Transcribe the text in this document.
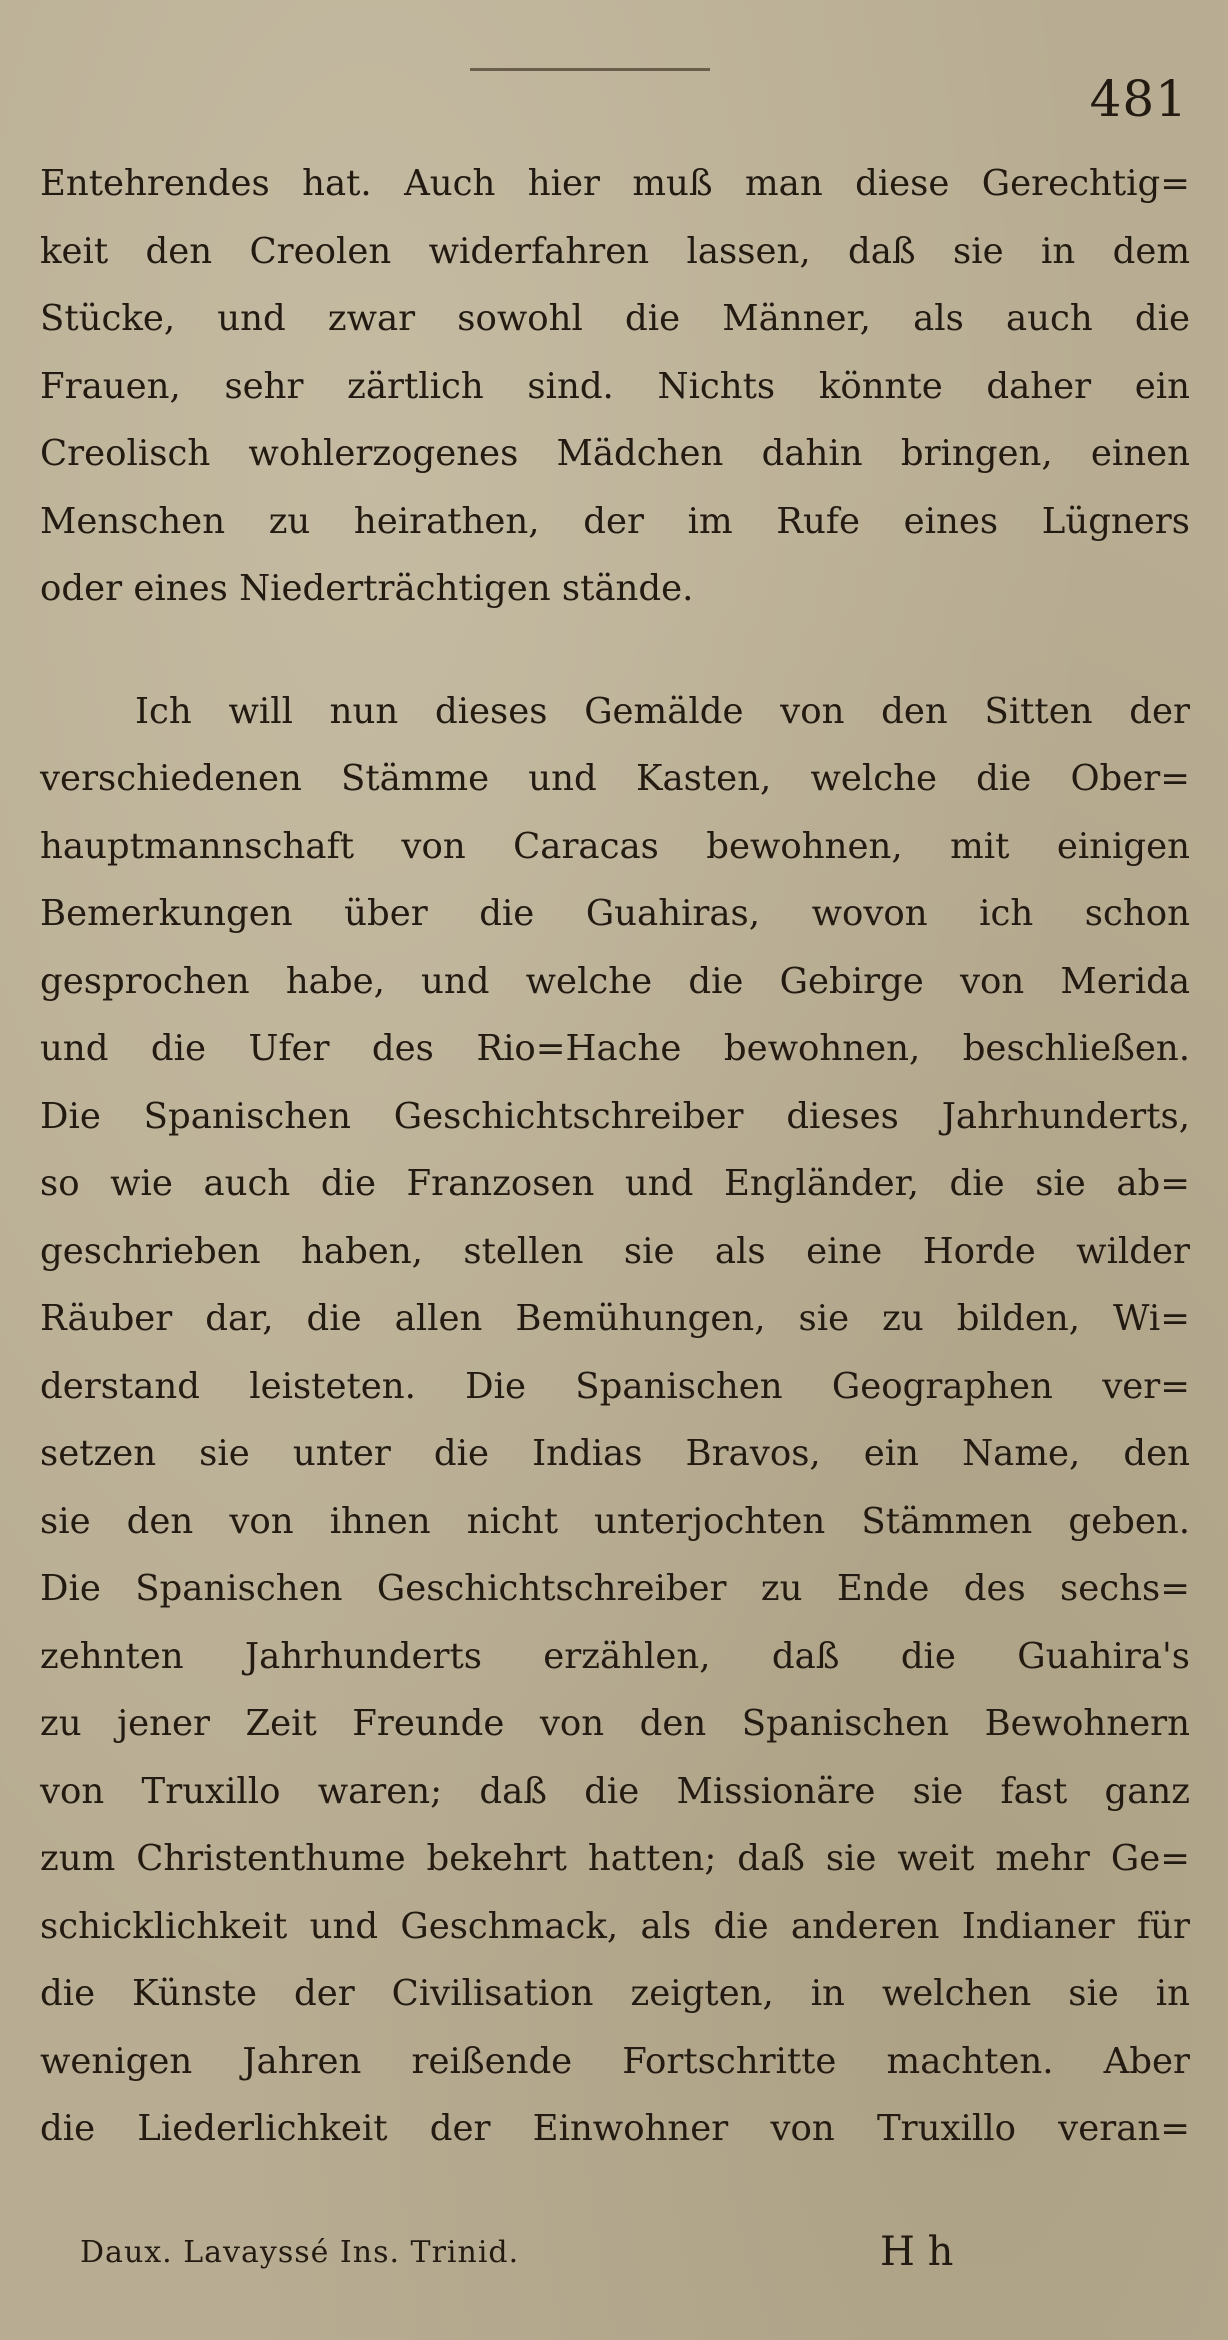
481
Entehrendes hat. Auch hier muß man diese Gerechtig=
keit den Creolen widerfahren lassen, daß sie in dem
Stücke, und zwar sowohl die Männer, als auch die
Frauen, sehr zärtlich sind. Nichts könnte daher ein
Creolisch wohlerzogenes Mädchen dahin bringen, einen
Menschen zu heirathen, der im Rufe eines Lügners
oder eines Niederträchtigen stände.
Ich will nun dieses Gemälde von den Sitten der
verschiedenen Stämme und Kasten, welche die Ober=
hauptmannschaft von Caracas bewohnen, mit einigen
Bemerkungen über die Guahiras, wovon ich schon
gesprochen habe, und welche die Gebirge von Merida
und die Ufer des Rio=Hache bewohnen, beschließen.
Die Spanischen Geschichtschreiber dieses Jahrhunderts,
so wie auch die Franzosen und Engländer, die sie ab=
geschrieben haben, stellen sie als eine Horde wilder
Räuber dar, die allen Bemühungen, sie zu bilden, Wi=
derstand leisteten. Die Spanischen Geographen ver=
setzen sie unter die Indias Bravos, ein Name, den
sie den von ihnen nicht unterjochten Stämmen geben.
Die Spanischen Geschichtschreiber zu Ende des sechs=
zehnten Jahrhunderts erzählen, daß die Guahira's
zu jener Zeit Freunde von den Spanischen Bewohnern
von Truxillo waren; daß die Missionäre sie fast ganz
zum Christenthume bekehrt hatten; daß sie weit mehr Ge=
schicklichkeit und Geschmack, als die anderen Indianer für
die Künste der Civilisation zeigten, in welchen sie in
wenigen Jahren reißende Fortschritte machten. Aber
die Liederlichkeit der Einwohner von Truxillo veran=
Daux. Lavayssé Ins. Trinid.	H h
